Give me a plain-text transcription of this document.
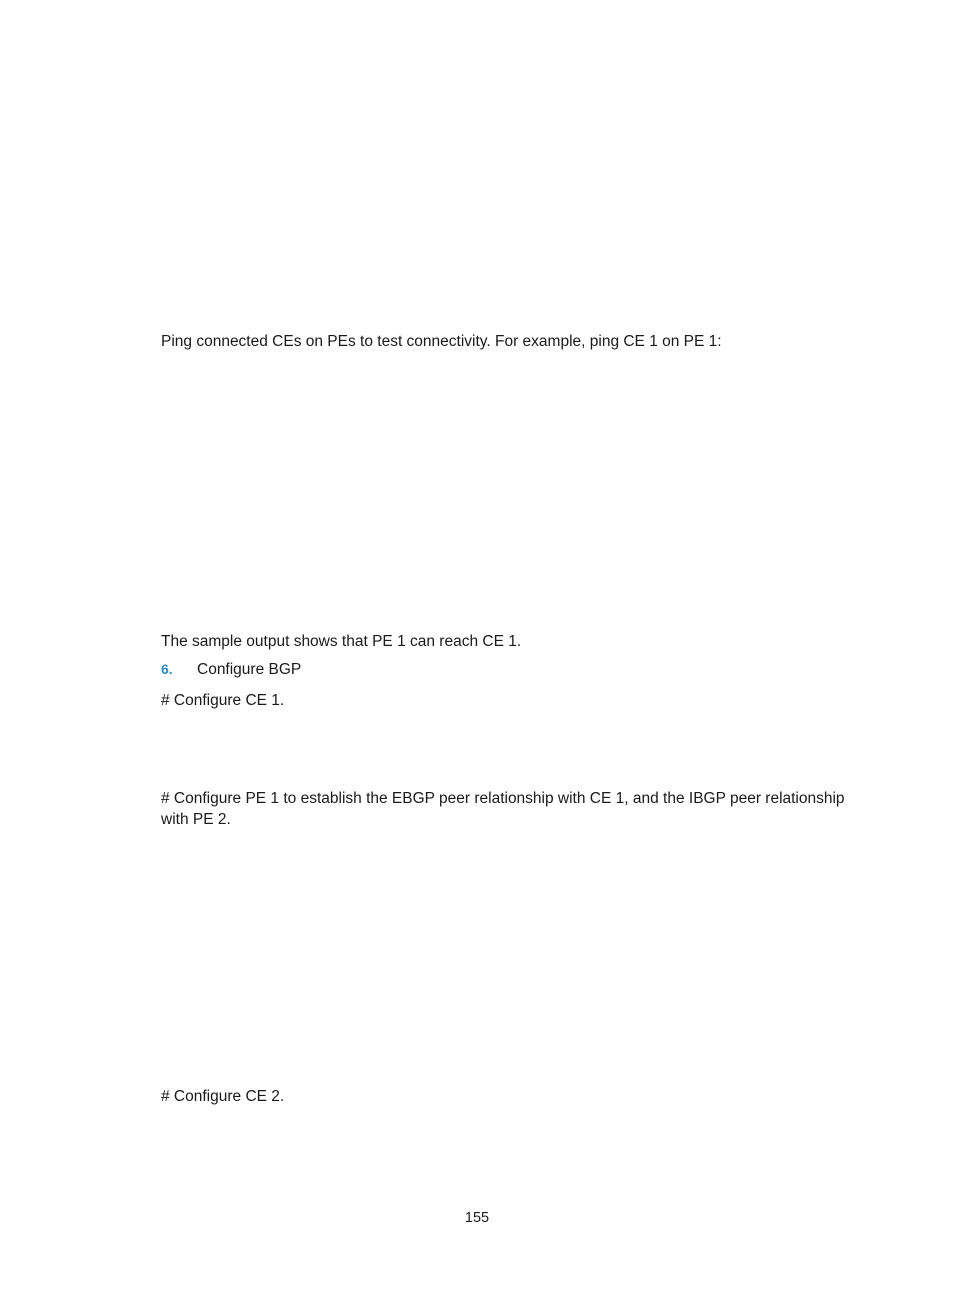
Ping connected CEs on PEs to test connectivity. For example, ping CE 1 on PE 1:

The sample output shows that PE 1 can reach CE 1.

6.	Configure BGP

# Configure CE 1.

# Configure PE 1 to establish the EBGP peer relationship with CE 1, and the IBGP peer relationship with PE 2.

# Configure CE 2.

155
